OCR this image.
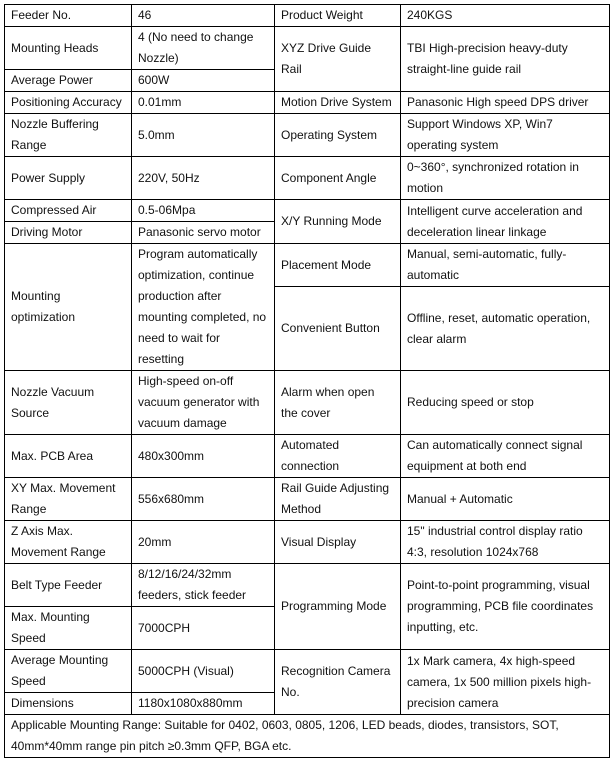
Feeder No.	46	Product Weight	240KGS
Mounting Heads	4 (No need to change Nozzle)	XYZ Drive Guide Rail	TBI High-precision heavy-duty straight-line guide rail
Average Power	600W		
Positioning Accuracy	0.01mm	Motion Drive System	Panasonic High speed DPS driver
Nozzle Buffering Range	5.0mm	Operating System	Support Windows XP, Win7 operating system
Power Supply	220V, 50Hz	Component Angle	0~360°, synchronized rotation in motion
Compressed Air	0.5-06Mpa	X/Y Running Mode	Intelligent curve acceleration and deceleration linear linkage
Driving Motor	Panasonic servo motor		
Mounting optimization	Program automatically optimization, continue production after mounting completed, no need to wait for resetting	Placement Mode	Manual, semi-automatic, fully-automatic
		Convenient Button	Offline, reset, automatic operation, clear alarm
Nozzle Vacuum Source	High-speed on-off vacuum generator with vacuum damage	Alarm when open the cover	Reducing speed or stop
Max. PCB Area	480x300mm	Automated connection	Can automatically connect signal equipment at both end
XY Max. Movement Range	556x680mm	Rail Guide Adjusting Method	Manual + Automatic
Z Axis Max. Movement Range	20mm	Visual Display	15" industrial control display ratio 4:3, resolution 1024x768
Belt Type Feeder	8/12/16/24/32mm feeders, stick feeder	Programming Mode	Point-to-point programming, visual programming, PCB file coordinates inputting, etc.
Max. Mounting Speed	7000CPH		
Average Mounting Speed	5000CPH (Visual)	Recognition Camera No.	1x Mark camera, 4x high-speed camera, 1x 500 million pixels high-precision camera
Dimensions	1180x1080x880mm		
Applicable Mounting Range: Suitable for 0402, 0603, 0805, 1206, LED beads, diodes, transistors, SOT, 40mm*40mm range pin pitch ≥0.3mm QFP, BGA etc.			
